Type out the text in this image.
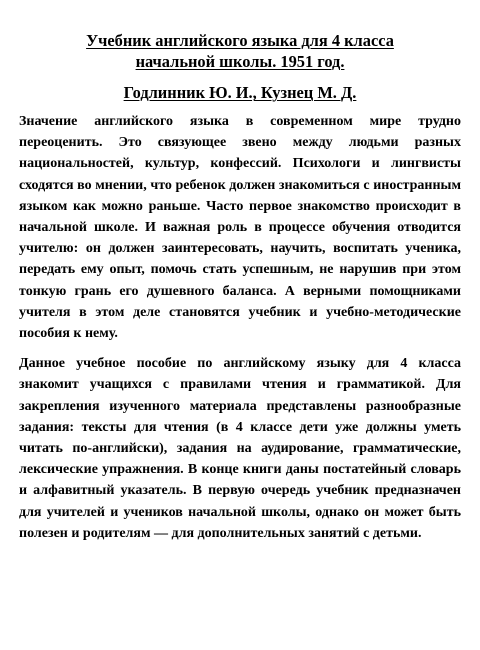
Учебник английского языка для 4 класса
начальной школы. 1951 год.
Годлинник Ю. И., Кузнец М. Д.

Значение английского языка в современном мире трудно переоценить. Это связующее звено между людьми разных национальностей, культур, конфессий. Психологи и лингвисты сходятся во мнении, что ребенок должен знакомиться с иностранным языком как можно раньше. Часто первое знакомство происходит в начальной школе. И важная роль в процессе обучения отводится учителю: он должен заинтересовать, научить, воспитать ученика, передать ему опыт, помочь стать успешным, не нарушив при этом тонкую грань его душевного баланса. А верными помощниками учителя в этом деле становятся учебник и учебно-методические пособия к нему.

Данное учебное пособие по английскому языку для 4 класса знакомит учащихся с правилами чтения и грамматикой. Для закрепления изученного материала представлены разнообразные задания: тексты для чтения (в 4 классе дети уже должны уметь читать по-английски), задания на аудирование, грамматические, лексические упражнения. В конце книги даны постатейный словарь и алфавитный указатель. В первую очередь учебник предназначен для учителей и учеников начальной школы, однако он может быть полезен и родителям — для дополнительных занятий с детьми.
